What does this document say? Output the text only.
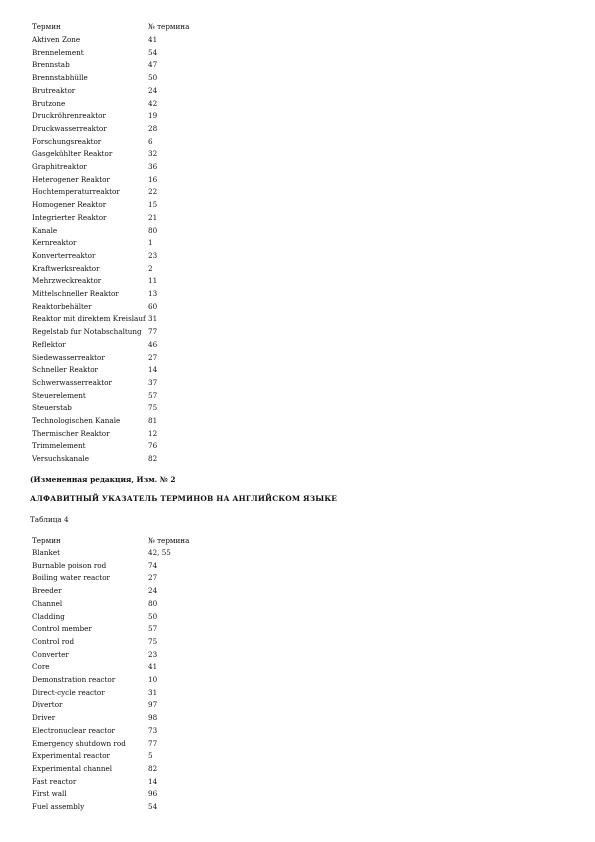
Термин	№ термина
Aktiven Zone	41
Brennelement	54
Brennstab	47
Brennstabhülle	50
Brutreaktor	24
Brutzone	42
Druckröhrenreaktor	19
Druckwasserreaktor	28
Forschungsreaktor	6
Gasgekühlter Reaktor	32
Graphitreaktor	36
Heterogener Reaktor	16
Hochtemperaturreaktor	22
Homogener Reaktor	15
Integrierter Reaktor	21
Kanale	80
Kernreaktor	1
Konverterreaktor	23
Kraftwerksreaktor	2
Mehrzweckreaktor	11
Mittelschneller Reaktor	13
Reaktorbehälter	60
Reaktor mit direktem Kreislauf 31
Regelstab fur Notabschaltung 77
Reflektor	46
Siedewasserreaktor	27
Schneller Reaktor	14
Schwerwasserreaktor	37
Steuerelement	57
Steuerstab	75
Technologischen Kanale	81
Thermischer Reaktor	12
Trimmelement	76
Versuchskanale	82
(Измененная редакция, Изм. № 2
АЛФАВИТНЫЙ УКАЗАТЕЛЬ ТЕРМИНОВ НА АНГЛИЙСКОМ ЯЗЫКЕ
Таблица 4
Термин	№ термина
Blanket	42, 55
Burnable poison rod	74
Boiling water reactor	27
Breeder	24
Channel	80
Cladding	50
Control member	57
Control rod	75
Converter	23
Core	41
Demonstration reactor	10
Direct-cycle reactor	31
Divertor	97
Driver	98
Electronuclear reactor	73
Emergency shutdown rod	77
Experimental reactor	5
Experimental channel	82
Fast reactor	14
First wall	96
Fuel assembly	54
